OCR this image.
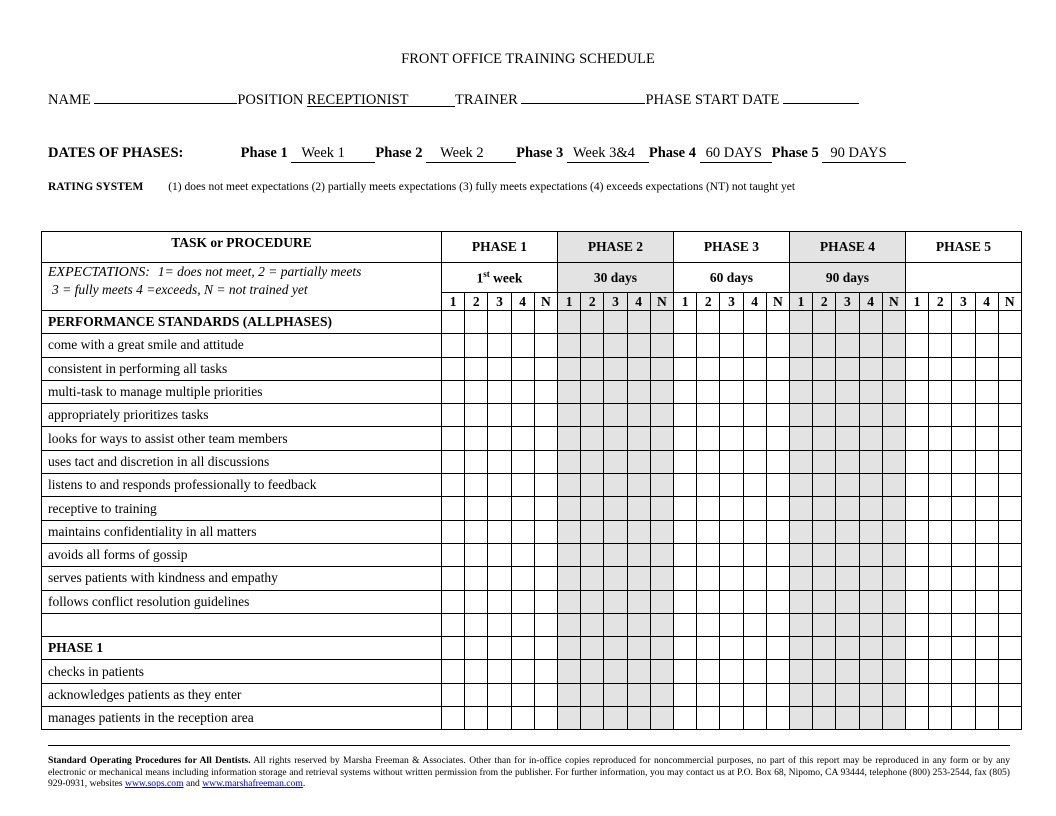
FRONT OFFICE TRAINING SCHEDULE
NAME	POSITION RECEPTIONIST	TRAINER	PHASE START DATE
DATES OF PHASES:	Phase 1 Week 1 Phase 2 Week 2 Phase 3 Week 3&4 Phase 4 60 DAYS Phase 5 90 DAYS
RATING SYSTEM (1) does not meet expectations (2) partially meets expectations (3) fully meets expectations (4) exceeds expectations (NT) not taught yet
TASK or PROCEDURE	PHASE 1					PHASE 2					PHASE 3					PHASE 4					PHASE 5				
EXPECTATIONS: 1= does not meet, 2 = partially meets
3 = fully meets 4 =exceeds, N = not trained yet	1st week					30 days					60 days					90 days									
	1	2	3	4	N	1	2	3	4	N	1	2	3	4	N	1	2	3	4	N	1	2	3	4	N
PERFORMANCE STANDARDS (ALLPHASES)																									
come with a great smile and attitude																									
consistent in performing all tasks																									
multi-task to manage multiple priorities																									
appropriately prioritizes tasks																									
looks for ways to assist other team members																									
uses tact and discretion in all discussions																									
listens to and responds professionally to feedback																									
receptive to training																									
maintains confidentiality in all matters																									
avoids all forms of gossip																									
serves patients with kindness and empathy																									
follows conflict resolution guidelines																									

PHASE 1																									
checks in patients																									
acknowledges patients as they enter																									
manages patients in the reception area																									
Standard Operating Procedures for All Dentists. All rights reserved by Marsha Freeman & Associates. Other than for in-office copies reproduced for noncommercial purposes, no part of this report may be reproduced in any form or by any electronic or mechanical means including information storage and retrieval systems without written permission from the publisher. For further information, you may contact us at P.O. Box 68, Nipomo, CA 93444, telephone (800) 253-2544, fax (805) 929-0931, websites www.sops.com and www.marshafreeman.com.
